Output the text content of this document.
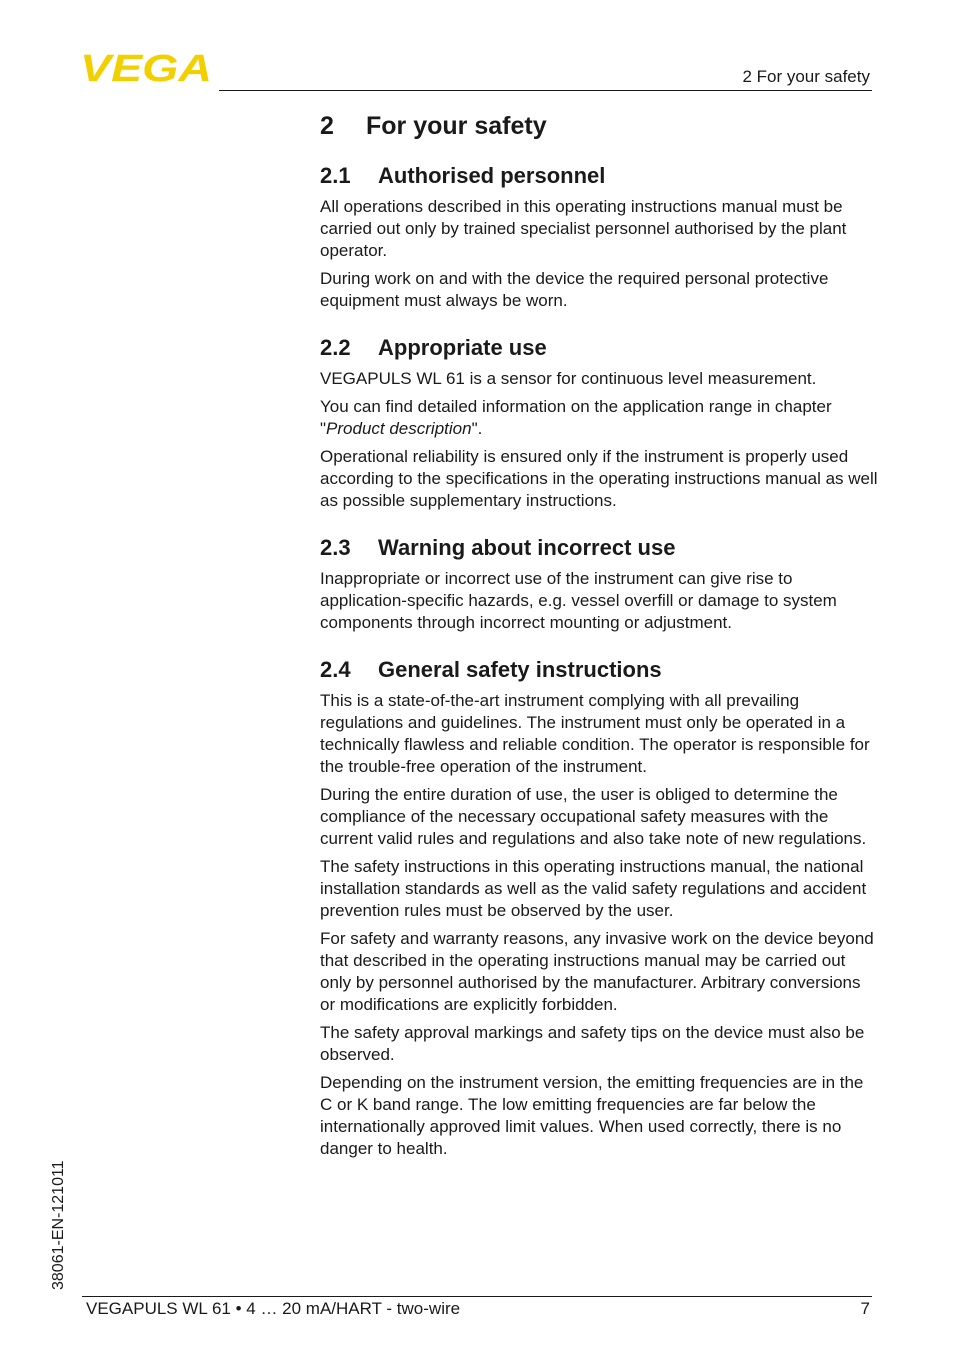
VEGA	2 For your safety
2	For your safety
2.1	Authorised personnel

All operations described in this operating instructions manual must be carried out only by trained specialist personnel authorised by the plant operator.

During work on and with the device the required personal protective equipment must always be worn.

2.2	Appropriate use

VEGAPULS WL 61 is a sensor for continuous level measurement.

You can find detailed information on the application range in chapter "Product description".

Operational reliability is ensured only if the instrument is properly used according to the specifications in the operating instructions manual as well as possible supplementary instructions.

2.3	Warning about incorrect use

Inappropriate or incorrect use of the instrument can give rise to application-specific hazards, e.g. vessel overfill or damage to system components through incorrect mounting or adjustment.

2.4	General safety instructions

This is a state-of-the-art instrument complying with all prevailing regulations and guidelines. The instrument must only be operated in a technically flawless and reliable condition. The operator is responsible for the trouble-free operation of the instrument.

During the entire duration of use, the user is obliged to determine the compliance of the necessary occupational safety measures with the current valid rules and regulations and also take note of new regulations.

The safety instructions in this operating instructions manual, the national installation standards as well as the valid safety regulations and accident prevention rules must be observed by the user.

For safety and warranty reasons, any invasive work on the device beyond that described in the operating instructions manual may be carried out only by personnel authorised by the manufacturer. Arbitrary conversions or modifications are explicitly forbidden.

The safety approval markings and safety tips on the device must also be observed.

Depending on the instrument version, the emitting frequencies are in the C or K band range. The low emitting frequencies are far below the internationally approved limit values. When used correctly, there is no danger to health.

38061-EN-121011
VEGAPULS WL 61 • 4 … 20 mA/HART - two-wire	7
